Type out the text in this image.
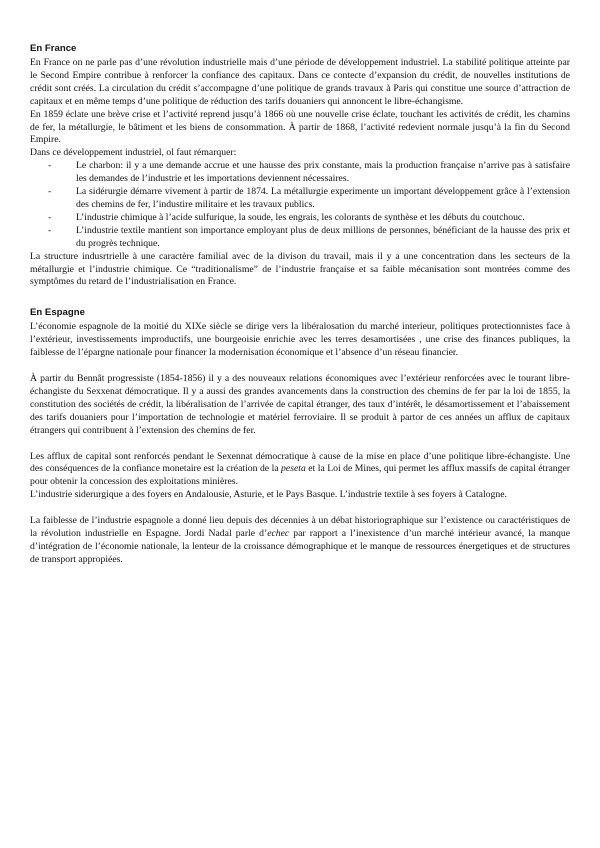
En France

En France on ne parle pas d’une révolution industrielle mais d’une période de développement industriel. La stabilité politique atteinte par le Second Empire contribue à renforcer la confiance des capitaux. Dans ce contecte d’expansion du crédit, de nouvelles institutions de crédit sont créés. La circulation du crédit s’accompagne d’une politique de grands travaux à Paris qui constitue une source d’attraction de capitaux et en même temps d’une politique de réduction des tarifs douaniers qui annoncent le libre-échangisme.

En 1859 éclate une brève crise et l’activité reprend jusqu’à 1866 où une nouvelle crise éclate, touchant les activités de crédit, les chamins de fer, la métallurgie, le bâtiment et les biens de consommation. À partir de 1868, l’activité redevient normale jusqu’à la fin du Second Empire.

Dans ce développement industriel, ol faut rémarquer:

-	Le charbon: il y a une demande accrue et une hausse des prix constante, mais la production française n’arrive pas à satisfaire les demandes de l’industrie et les importations deviennent nécessaires.
-	La sidérurgie démarre vivement à partir de 1874. La métallurgie experimente un important développement grâce à l’extension des chemins de fer, l’industire militaire et les travaux publics.
-	L’industrie chimique à l’acide sulfurique, la soude, les engrais, les colorants de synthèse et les débuts du coutchouc.
-	L’industrie textile mantient son importance employant plus de deux millions de personnes, bénéficiant de la hausse des prix et du progrès technique.

La structure indusrtrielle à une caractère familial avec de la divison du travail, mais il y a une concentration dans les secteurs de la métallurgie et l’industrie chimique. Ce “traditionalisme” de l’industrie française et sa faible mécanisation sont montrées comme des symptômes du retard de l’industrialisation en France.

En Espagne

L’économie espagnole de la moitié du XIXe siècle se dirige vers la libéralosation du marché interieur, politiques protectionnistes face à l’extérieur, investissements improductifs, une bourgeoisie enrichie avec les terres desamortisées , une crise des finances publiques, la faiblesse de l’épargne nationale pour financer la modernisation économique et l’absence d’un réseau financier.

À partir du Bennât progressiste (1854-1856) il y a des nouveaux relations économiques avec l’extérieur renforcées avec le tourant libre-échangiste du Sexxenat démocratique. Il y a aussi des grandes avancements dans la construction des chemins de fer par la loi de 1855, la constitution des sociétés de crédit, la libéralisation de l’arrivée de capital étranger, des taux d’intérêt, le désamortissement et l’abaissement des tarifs douaniers pour l’importation de technologie et matériel ferroviaire. Il se produit à partor de ces années un afflux de capitaux étrangers qui contribuent à l’extension des chemins de fer.

Les afflux de capital sont renforcés pendant le Sexennat démocratique à cause de la mise en place d’une politique libre-échangiste. Une des conséquences de la confiance monetaire est la création de la peseta et la Loi de Mines, qui permet les afflux massifs de capital étranger pour obtenir la concession des exploitations minières.

L’industrie siderurgique a des foyers en Andalousie, Asturie, et le Pays Basque. L’industrie textile à ses foyers à Catalogne.

La faiblesse de l’industrie espagnole a donné lieu depuis des décennies à un débat historiographique sur l’existence ou caractéristiques de la révolution industrielle en Espagne. Jordi Nadal parle d’echec par rapport a l’inexistence d’un marché intérieur avancé, la manque d’intégration de l’économie nationale, la lenteur de la croissance démographique et le manque de ressources énergetiques et de structures de transport appropiées.
